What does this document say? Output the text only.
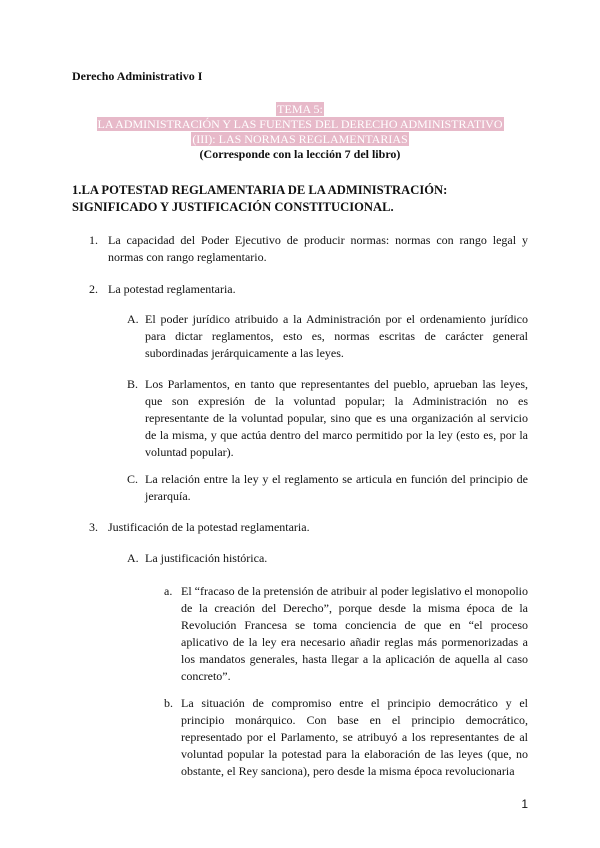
Derecho Administrativo I
TEMA 5:
LA ADMINISTRACIÓN Y LAS FUENTES DEL DERECHO ADMINISTRATIVO
(III): LAS NORMAS REGLAMENTARIAS
(Corresponde con la lección 7 del libro)
1.LA POTESTAD REGLAMENTARIA DE LA ADMINISTRACIÓN: SIGNIFICADO Y JUSTIFICACIÓN CONSTITUCIONAL.
1. La capacidad del Poder Ejecutivo de producir normas: normas con rango legal y normas con rango reglamentario.
2. La potestad reglamentaria.
A. El poder jurídico atribuido a la Administración por el ordenamiento jurídico para dictar reglamentos, esto es, normas escritas de carácter general subordinadas jerárquicamente a las leyes.
B. Los Parlamentos, en tanto que representantes del pueblo, aprueban las leyes, que son expresión de la voluntad popular; la Administración no es representante de la voluntad popular, sino que es una organización al servicio de la misma, y que actúa dentro del marco permitido por la ley (esto es, por la voluntad popular).
C. La relación entre la ley y el reglamento se articula en función del principio de jerarquía.
3. Justificación de la potestad reglamentaria.
A. La justificación histórica.
a. El “fracaso de la pretensión de atribuir al poder legislativo el monopolio de la creación del Derecho”, porque desde la misma época de la Revolución Francesa se toma conciencia de que en “el proceso aplicativo de la ley era necesario añadir reglas más pormenorizadas a los mandatos generales, hasta llegar a la aplicación de aquella al caso concreto”.
b. La situación de compromiso entre el principio democrático y el principio monárquico. Con base en el principio democrático, representado por el Parlamento, se atribuyó a los representantes de al voluntad popular la potestad para la elaboración de las leyes (que, no obstante, el Rey sanciona), pero desde la misma época revolucionaria
1
